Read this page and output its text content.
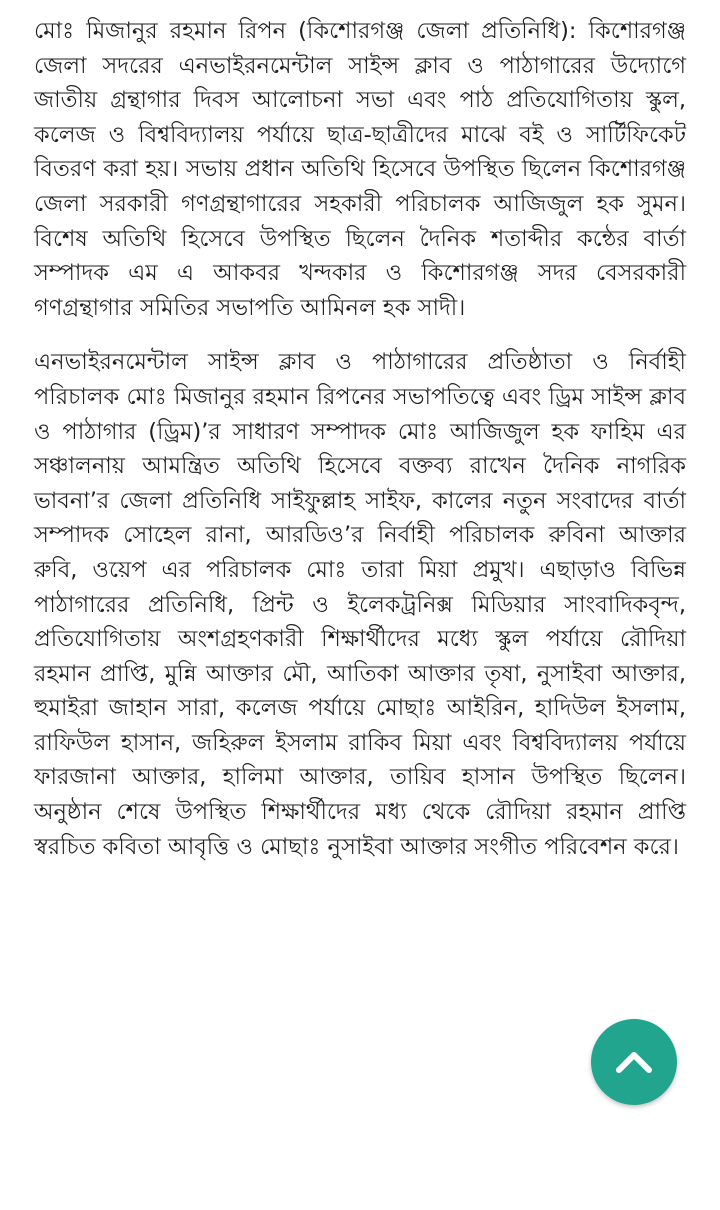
মোঃ মিজানুর রহমান রিপন (কিশোরগঞ্জ জেলা প্রতিনিধি): কিশোরগঞ্জ জেলা সদরের এনভাইরনমেন্টাল সাইন্স ক্লাব ও পাঠাগারের উদ্যোগে জাতীয় গ্রন্থাগার দিবস আলোচনা সভা এবং পাঠ প্রতিযোগিতায় স্কুল, কলেজ ও বিশ্ববিদ্যালয় পর্যায়ে ছাত্র-ছাত্রীদের মাঝে বই ও সার্টিফিকেট বিতরণ করা হয়। সভায় প্রধান অতিথি হিসেবে উপস্থিত ছিলেন কিশোরগঞ্জ জেলা সরকারী গণগ্রন্থাগারের সহকারী পরিচালক আজিজুল হক সুমন। বিশেষ অতিথি হিসেবে উপস্থিত ছিলেন দৈনিক শতাব্দীর কন্ঠের বার্তা সম্পাদক এম এ আকবর খন্দকার ও কিশোরগঞ্জ সদর বেসরকারী গণগ্রন্থাগার সমিতির সভাপতি আমিনল হক সাদী।

এনভাইরনমেন্টাল সাইন্স ক্লাব ও পাঠাগারের প্রতিষ্ঠাতা ও নির্বাহী পরিচালক মোঃ মিজানুর রহমান রিপনের সভাপতিত্বে এবং ড্রিম সাইন্স ক্লাব ও পাঠাগার (ড্রিম)’র সাধারণ সম্পাদক মোঃ আজিজুল হক ফাহিম এর সঞ্চালনায় আমন্ত্রিত অতিথি হিসেবে বক্তব্য রাখেন দৈনিক নাগরিক ভাবনা’র জেলা প্রতিনিধি সাইফুল্লাহ সাইফ, কালের নতুন সংবাদের বার্তা সম্পাদক সোহেল রানা, আরডিও’র নির্বাহী পরিচালক রুবিনা আক্তার রুবি, ওয়েপ এর পরিচালক মোঃ তারা মিয়া প্রমুখ। এছাড়াও বিভিন্ন পাঠাগারের প্রতিনিধি, প্রিন্ট ও ইলেকট্রনিক্স মিডিয়ার সাংবাদিকবৃন্দ, প্রতিযোগিতায় অংশগ্রহণকারী শিক্ষার্থীদের মধ্যে স্কুল পর্যায়ে রৌদিয়া রহমান প্রাপ্তি, মুন্নি আক্তার মৌ, আতিকা আক্তার তৃষা, নুসাইবা আক্তার, হুমাইরা জাহান সারা, কলেজ পর্যায়ে মোছাঃ আইরিন, হাদিউল ইসলাম, রাফিউল হাসান, জহিরুল ইসলাম রাকিব মিয়া এবং বিশ্ববিদ্যালয় পর্যায়ে ফারজানা আক্তার, হালিমা আক্তার, তায়িব হাসান উপস্থিত ছিলেন। অনুষ্ঠান শেষে উপস্থিত শিক্ষার্থীদের মধ্য থেকে রৌদিয়া রহমান প্রাপ্তি স্বরচিত কবিতা আবৃত্তি ও মোছাঃ নুসাইবা আক্তার সংগীত পরিবেশন করে।
